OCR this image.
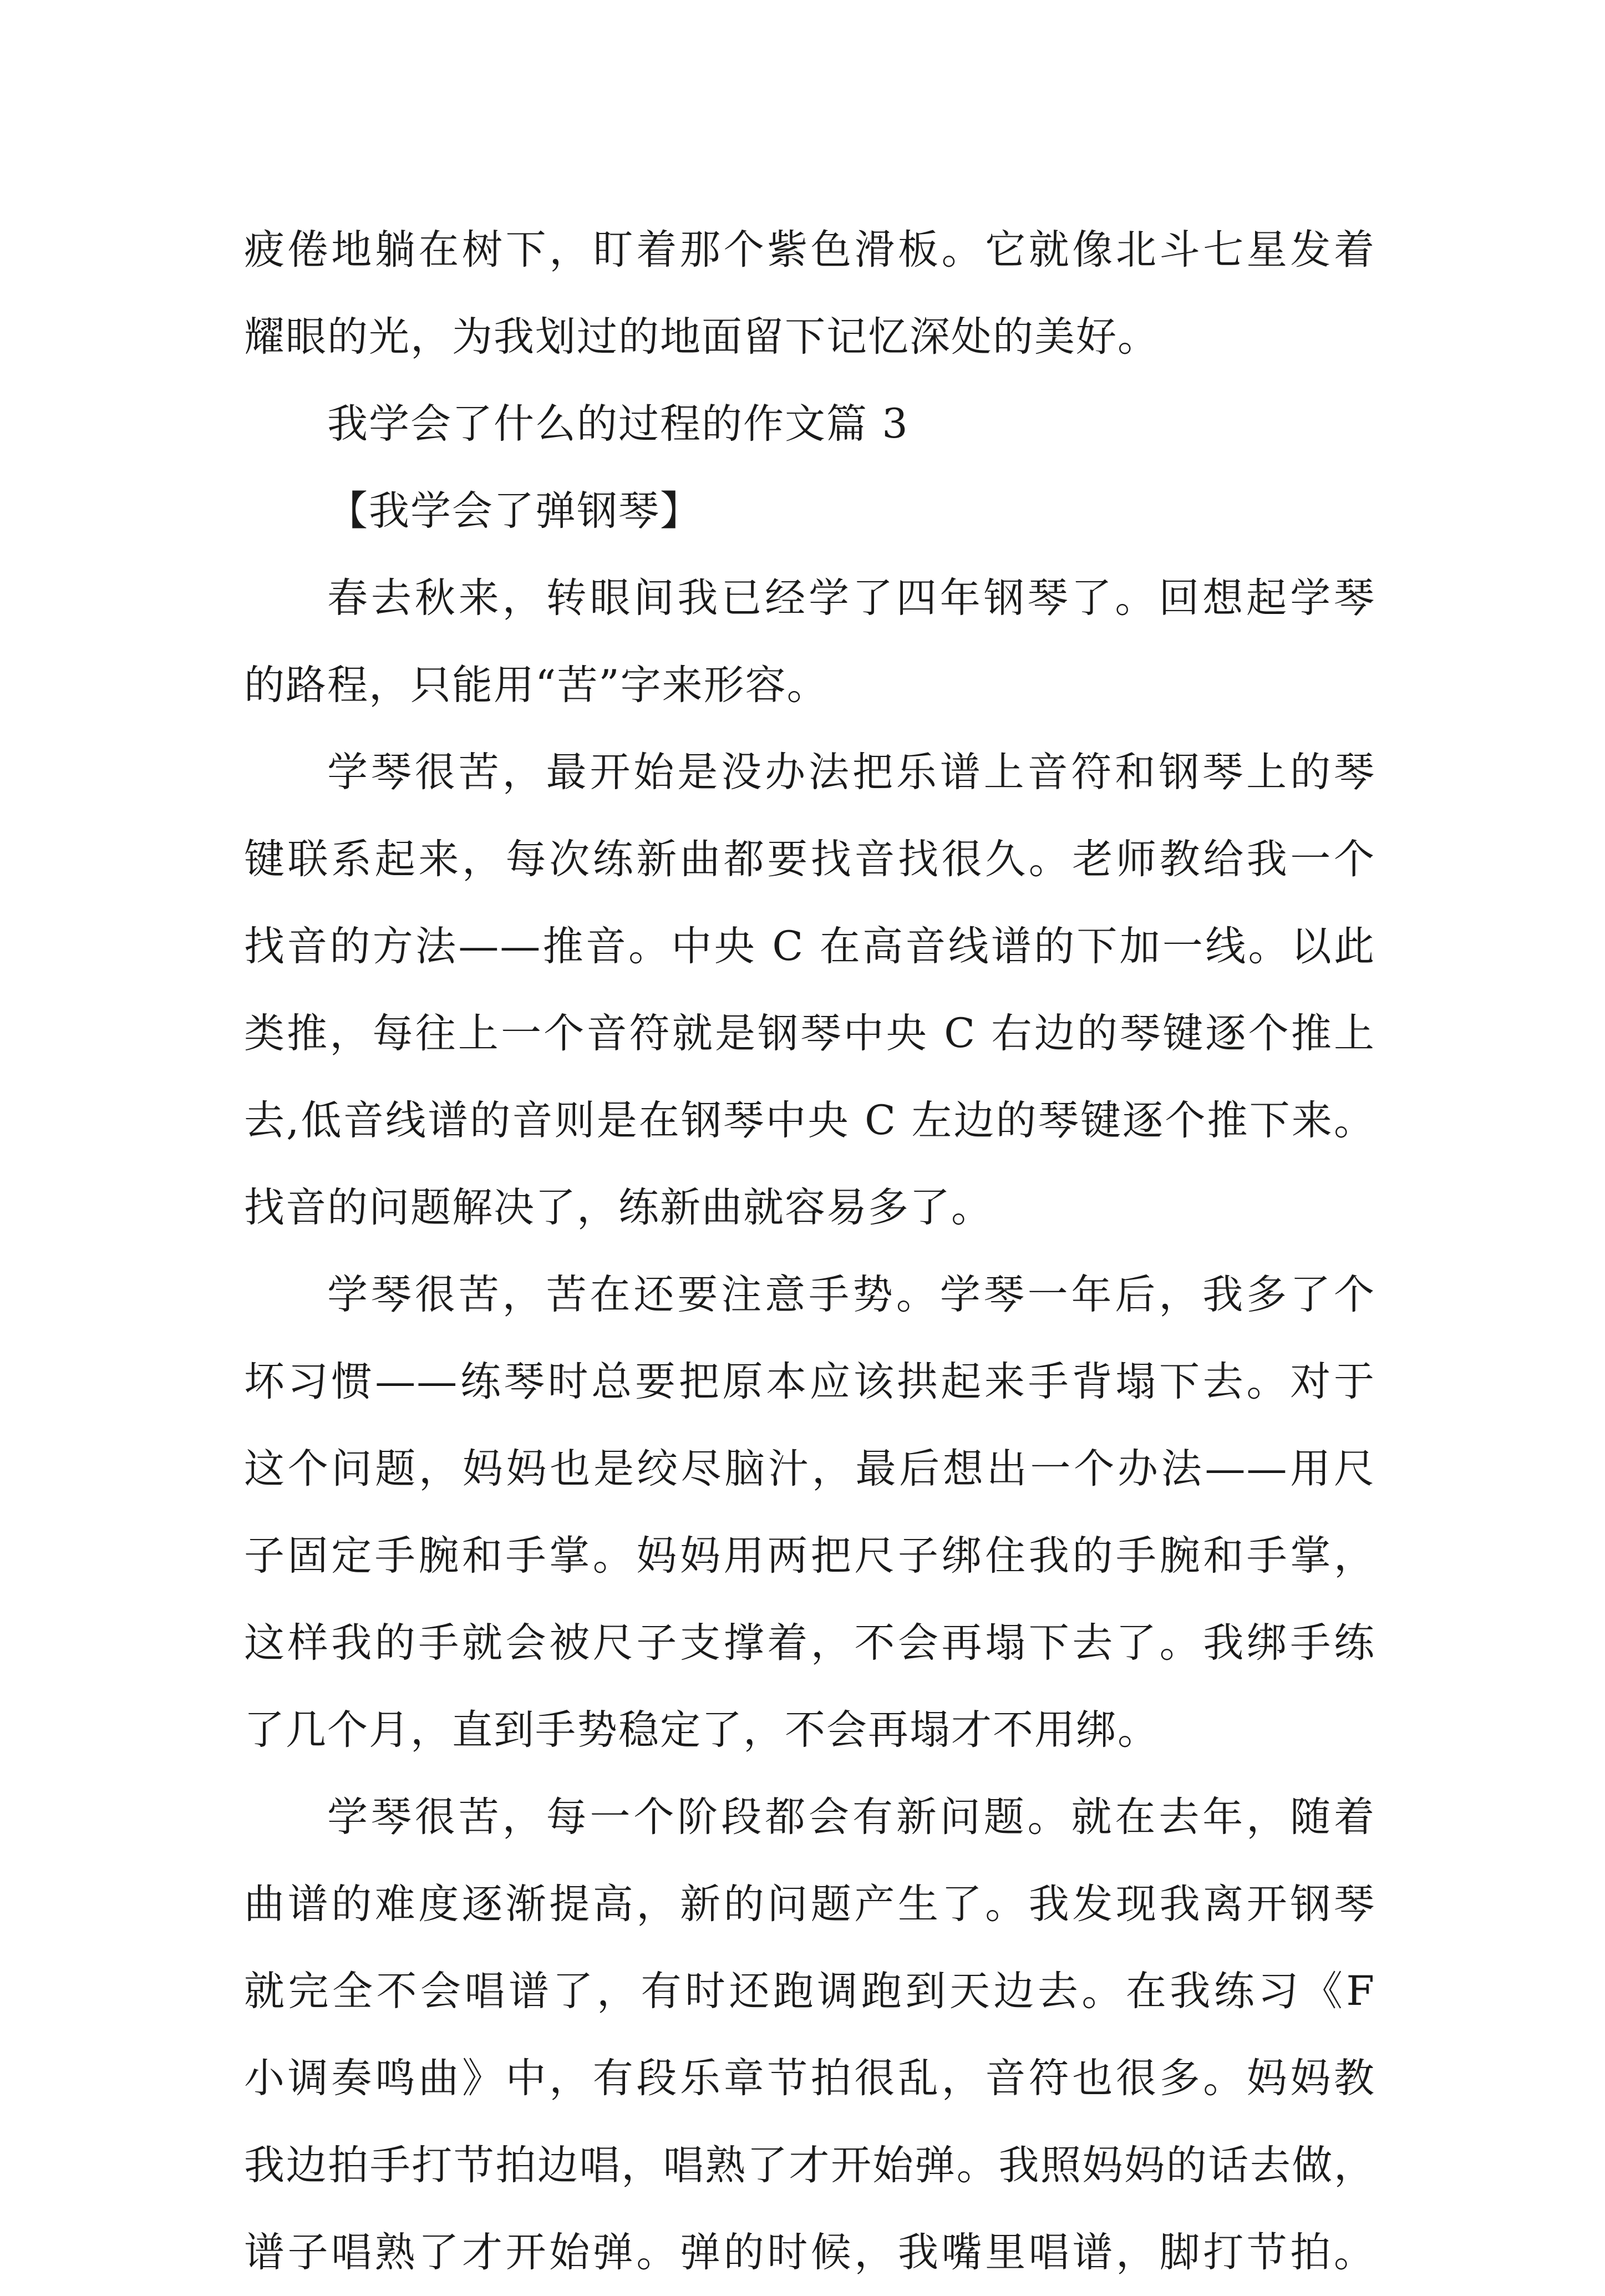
疲倦地躺在树下，盯着那个紫色滑板。它就像北斗七星发着
耀眼的光，为我划过的地面留下记忆深处的美好。
我学会了什么的过程的作文篇 3
【我学会了弹钢琴】
春去秋来，转眼间我已经学了四年钢琴了。回想起学琴
的路程，只能用“苦”字来形容。
学琴很苦，最开始是没办法把乐谱上音符和钢琴上的琴
键联系起来，每次练新曲都要找音找很久。老师教给我一个
找音的方法——推音。中央 C 在高音线谱的下加一线。以此
类推，每往上一个音符就是钢琴中央 C 右边的琴键逐个推上
去,低音线谱的音则是在钢琴中央 C 左边的琴键逐个推下来。
找音的问题解决了，练新曲就容易多了。
学琴很苦，苦在还要注意手势。学琴一年后，我多了个
坏习惯——练琴时总要把原本应该拱起来手背塌下去。对于
这个问题，妈妈也是绞尽脑汁，最后想出一个办法——用尺
子固定手腕和手掌。妈妈用两把尺子绑住我的手腕和手掌，
这样我的手就会被尺子支撑着，不会再塌下去了。我绑手练
了几个月，直到手势稳定了，不会再塌才不用绑。
学琴很苦，每一个阶段都会有新问题。就在去年，随着
曲谱的难度逐渐提高，新的问题产生了。我发现我离开钢琴
就完全不会唱谱了，有时还跑调跑到天边去。在我练习《F
小调奏鸣曲》中，有段乐章节拍很乱，音符也很多。妈妈教
我边拍手打节拍边唱，唱熟了才开始弹。我照妈妈的话去做，
谱子唱熟了才开始弹。弹的时候，我嘴里唱谱，脚打节拍。
